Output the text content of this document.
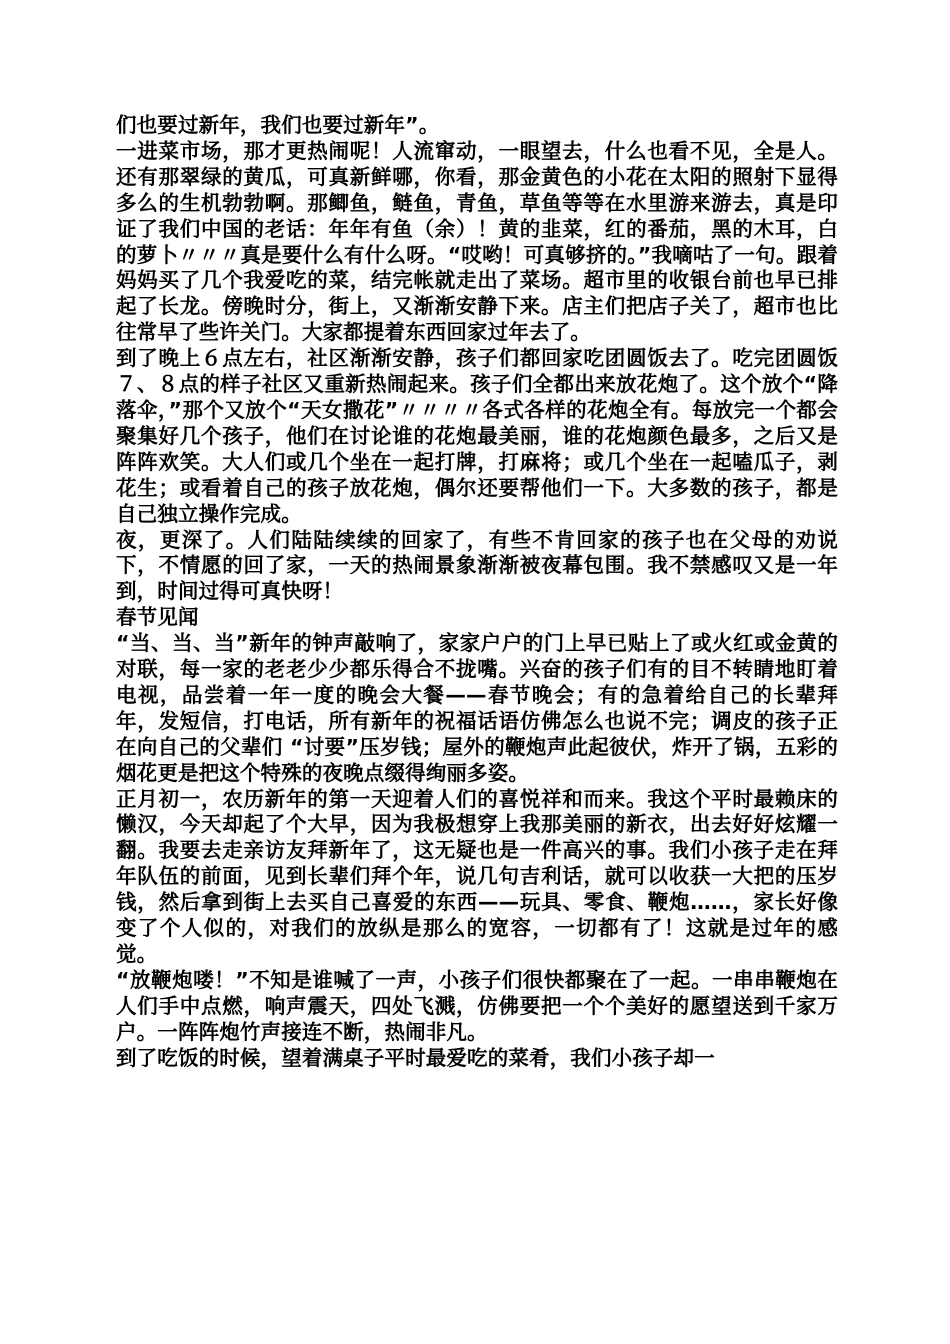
们也要过新年，我们也要过新年”。

一进菜市场，那才更热闹呢！人流窜动，一眼望去，什么也看不见，全是人。还有那翠绿的黄瓜，可真新鲜哪，你看，那金黄色的小花在太阳的照射下显得多么的生机勃勃啊。那鲫鱼，鲢鱼，青鱼，草鱼等等在水里游来游去，真是印证了我们中国的老话：年年有鱼（余）！黄的韭菜，红的番茄，黑的木耳，白的萝卜〃〃〃真是要什么有什么呀。“哎哟！可真够挤的。”我嘀咕了一句。跟着妈妈买了几个我爱吃的菜，结完帐就走出了菜场。超市里的收银台前也早已排起了长龙。傍晚时分，街上，又渐渐安静下来。店主们把店子关了，超市也比往常早了些许关门。大家都提着东西回家过年去了。

到了晚上６点左右，社区渐渐安静，孩子们都回家吃团圆饭去了。吃完团圆饭７、８点的样子社区又重新热闹起来。孩子们全都出来放花炮了。这个放个“降落伞，”那个又放个“天女撒花”〃〃〃〃各式各样的花炮全有。每放完一个都会聚集好几个孩子，他们在讨论谁的花炮最美丽，谁的花炮颜色最多，之后又是阵阵欢笑。大人们或几个坐在一起打牌，打麻将；或几个坐在一起嗑瓜子，剥花生；或看着自己的孩子放花炮，偶尔还要帮他们一下。大多数的孩子，都是自己独立操作完成。

夜，更深了。人们陆陆续续的回家了，有些不肯回家的孩子也在父母的劝说下，不情愿的回了家，一天的热闹景象渐渐被夜幕包围。我不禁感叹又是一年到，时间过得可真快呀！

春节见闻

“当、当、当”新年的钟声敲响了，家家户户的门上早已贴上了或火红或金黄的对联，每一家的老老少少都乐得合不拢嘴。兴奋的孩子们有的目不转睛地盯着电视，品尝着一年一度的晚会大餐——春节晚会；有的急着给自己的长辈拜年，发短信，打电话，所有新年的祝福话语仿佛怎么也说不完；调皮的孩子正在向自己的父辈们 “讨要”压岁钱；屋外的鞭炮声此起彼伏，炸开了锅，五彩的烟花更是把这个特殊的夜晚点缀得绚丽多姿。

正月初一，农历新年的第一天迎着人们的喜悦祥和而来。我这个平时最赖床的懒汉，今天却起了个大早，因为我极想穿上我那美丽的新衣，出去好好炫耀一翻。我要去走亲访友拜新年了，这无疑也是一件高兴的事。我们小孩子走在拜年队伍的前面，见到长辈们拜个年，说几句吉利话，就可以收获一大把的压岁钱，然后拿到街上去买自己喜爱的东西——玩具、零食、鞭炮……，家长好像变了个人似的，对我们的放纵是那么的宽容，一切都有了！这就是过年的感觉。

“放鞭炮喽！”不知是谁喊了一声，小孩子们很快都聚在了一起。一串串鞭炮在人们手中点燃，响声震天，四处飞溅，仿佛要把一个个美好的愿望送到千家万户。一阵阵炮竹声接连不断，热闹非凡。

到了吃饭的时候，望着满桌子平时最爱吃的菜肴，我们小孩子却一
